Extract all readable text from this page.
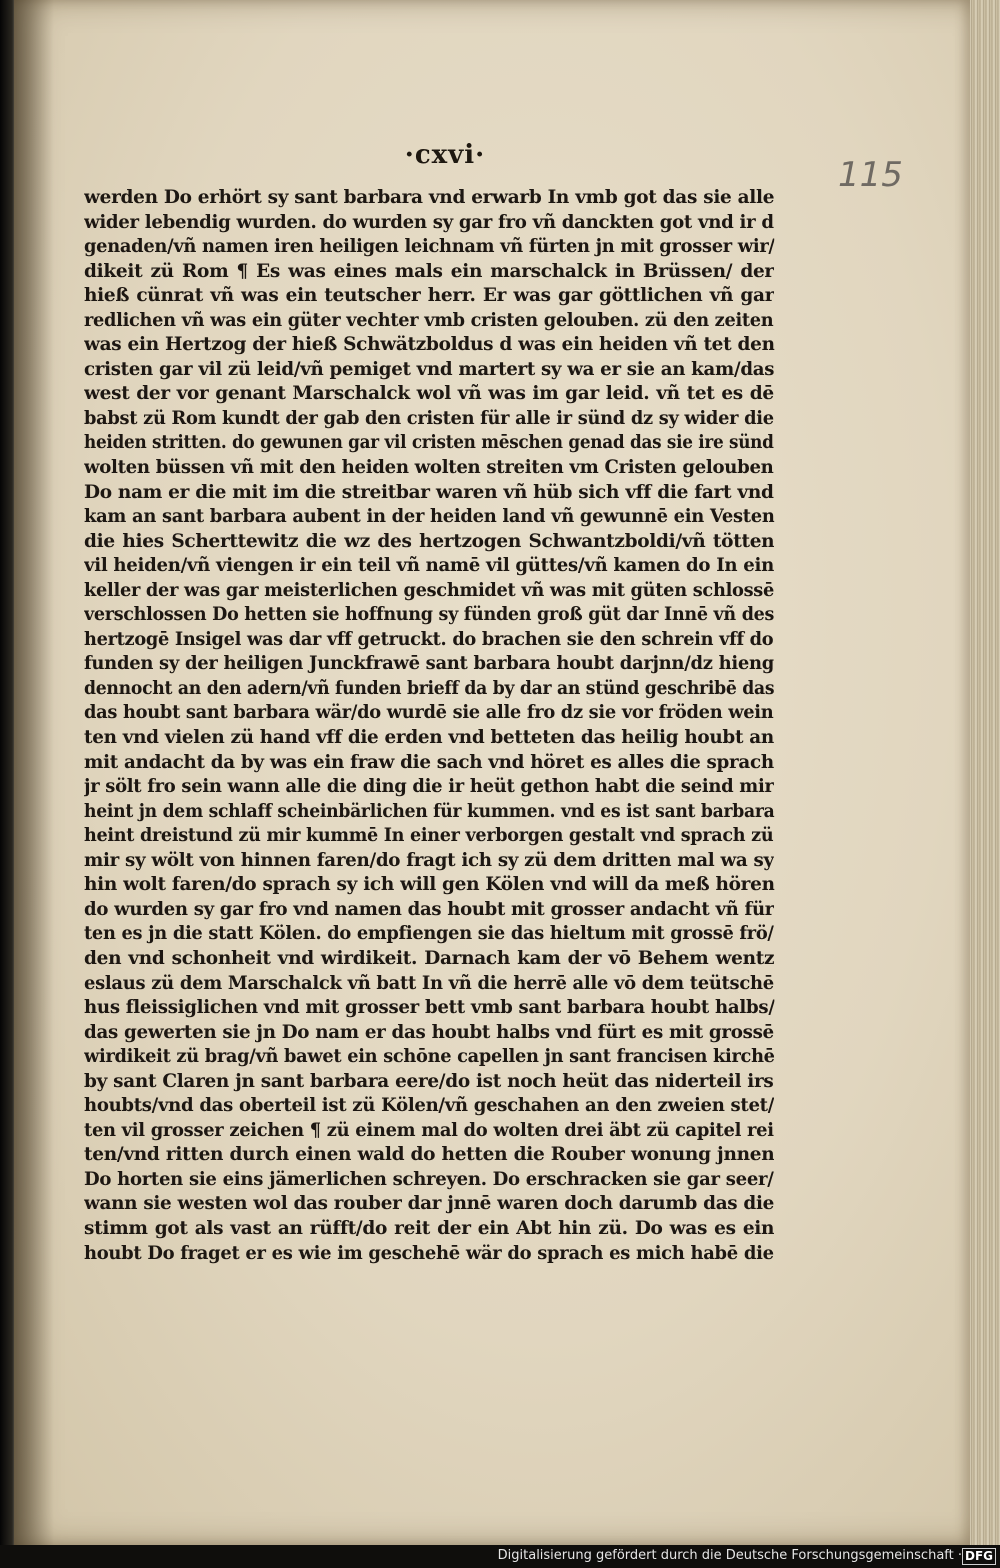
·cxvi·	115
werden Do erhört sy sant barbara vnd erwarb In vmb got das sie alle
wider lebendig wurden. do wurden sy gar fro vñ danckten got vnd ir d
genaden/vñ namen iren heiligen leichnam vñ fürten jn mit grosser wir/
dikeit zü Rom ¶ Es was eines mals ein marschalck in Brüssen/ der
hieß cünrat vñ was ein teutscher herr. Er was gar göttlichen vñ gar
redlichen vñ was ein güter vechter vmb cristen gelouben. zü den zeiten
was ein Hertzog der hieß Schwätzboldus d was ein heiden vñ tet den
cristen gar vil zü leid/vñ pemiget vnd martert sy wa er sie an kam/das
west der vor genant Marschalck wol vñ was im gar leid. vñ tet es dē
babst zü Rom kundt der gab den cristen für alle ir sünd dz sy wider die
heiden stritten. do gewunen gar vil cristen mēschen genad das sie ire sünd
wolten büssen vñ mit den heiden wolten streiten vm Cristen gelouben
Do nam er die mit im die streitbar waren vñ hüb sich vff die fart vnd
kam an sant barbara aubent in der heiden land vñ gewunnē ein Vesten
die hies Scherttewitz die wz des hertzogen Schwantzboldi/vñ tötten
vil heiden/vñ viengen ir ein teil vñ namē vil güttes/vñ kamen do In ein
keller der was gar meisterlichen geschmidet vñ was mit güten schlossē
verschlossen Do hetten sie hoffnung sy fünden groß güt dar Innē vñ des
hertzogē Insigel was dar vff getruckt. do brachen sie den schrein vff do
funden sy der heiligen Junckfrawē sant barbara houbt darjnn/dz hieng
dennocht an den adern/vñ funden brieff da by dar an stünd geschribē das
das houbt sant barbara wär/do wurdē sie alle fro dz sie vor fröden wein
ten vnd vielen zü hand vff die erden vnd betteten das heilig houbt an
mit andacht da by was ein fraw die sach vnd höret es alles die sprach
jr sölt fro sein wann alle die ding die ir heüt gethon habt die seind mir
heint jn dem schlaff scheinbärlichen für kummen. vnd es ist sant barbara
heint dreistund zü mir kummē In einer verborgen gestalt vnd sprach zü
mir sy wölt von hinnen faren/do fragt ich sy zü dem dritten mal wa sy
hin wolt faren/do sprach sy ich will gen Kölen vnd will da meß hören
do wurden sy gar fro vnd namen das houbt mit grosser andacht vñ für
ten es jn die statt Kölen. do empfiengen sie das hieltum mit grossē frö/
den vnd schonheit vnd wirdikeit. Darnach kam der vō Behem wentz
eslaus zü dem Marschalck vñ batt In vñ die herrē alle vō dem teütschē
hus fleissiglichen vnd mit grosser bett vmb sant barbara houbt halbs/
das gewerten sie jn Do nam er das houbt halbs vnd fürt es mit grossē
wirdikeit zü brag/vñ bawet ein schōne capellen jn sant francisen kirchē
by sant Claren jn sant barbara eere/do ist noch heüt das niderteil irs
houbts/vnd das oberteil ist zü Kölen/vñ geschahen an den zweien stet/
ten vil grosser zeichen ¶ zü einem mal do wolten drei äbt zü capitel rei
ten/vnd ritten durch einen wald do hetten die Rouber wonung jnnen
Do horten sie eins jämerlichen schreyen. Do erschracken sie gar seer/
wann sie westen wol das rouber dar jnnē waren doch darumb das die
stimm got als vast an rüfft/do reit der ein Abt hin zü. Do was es ein
houbt Do fraget er es wie im geschehē wär do sprach es mich habē die
Digitalisierung gefördert durch die Deutsche Forschungsgemeinschaft · DFG
